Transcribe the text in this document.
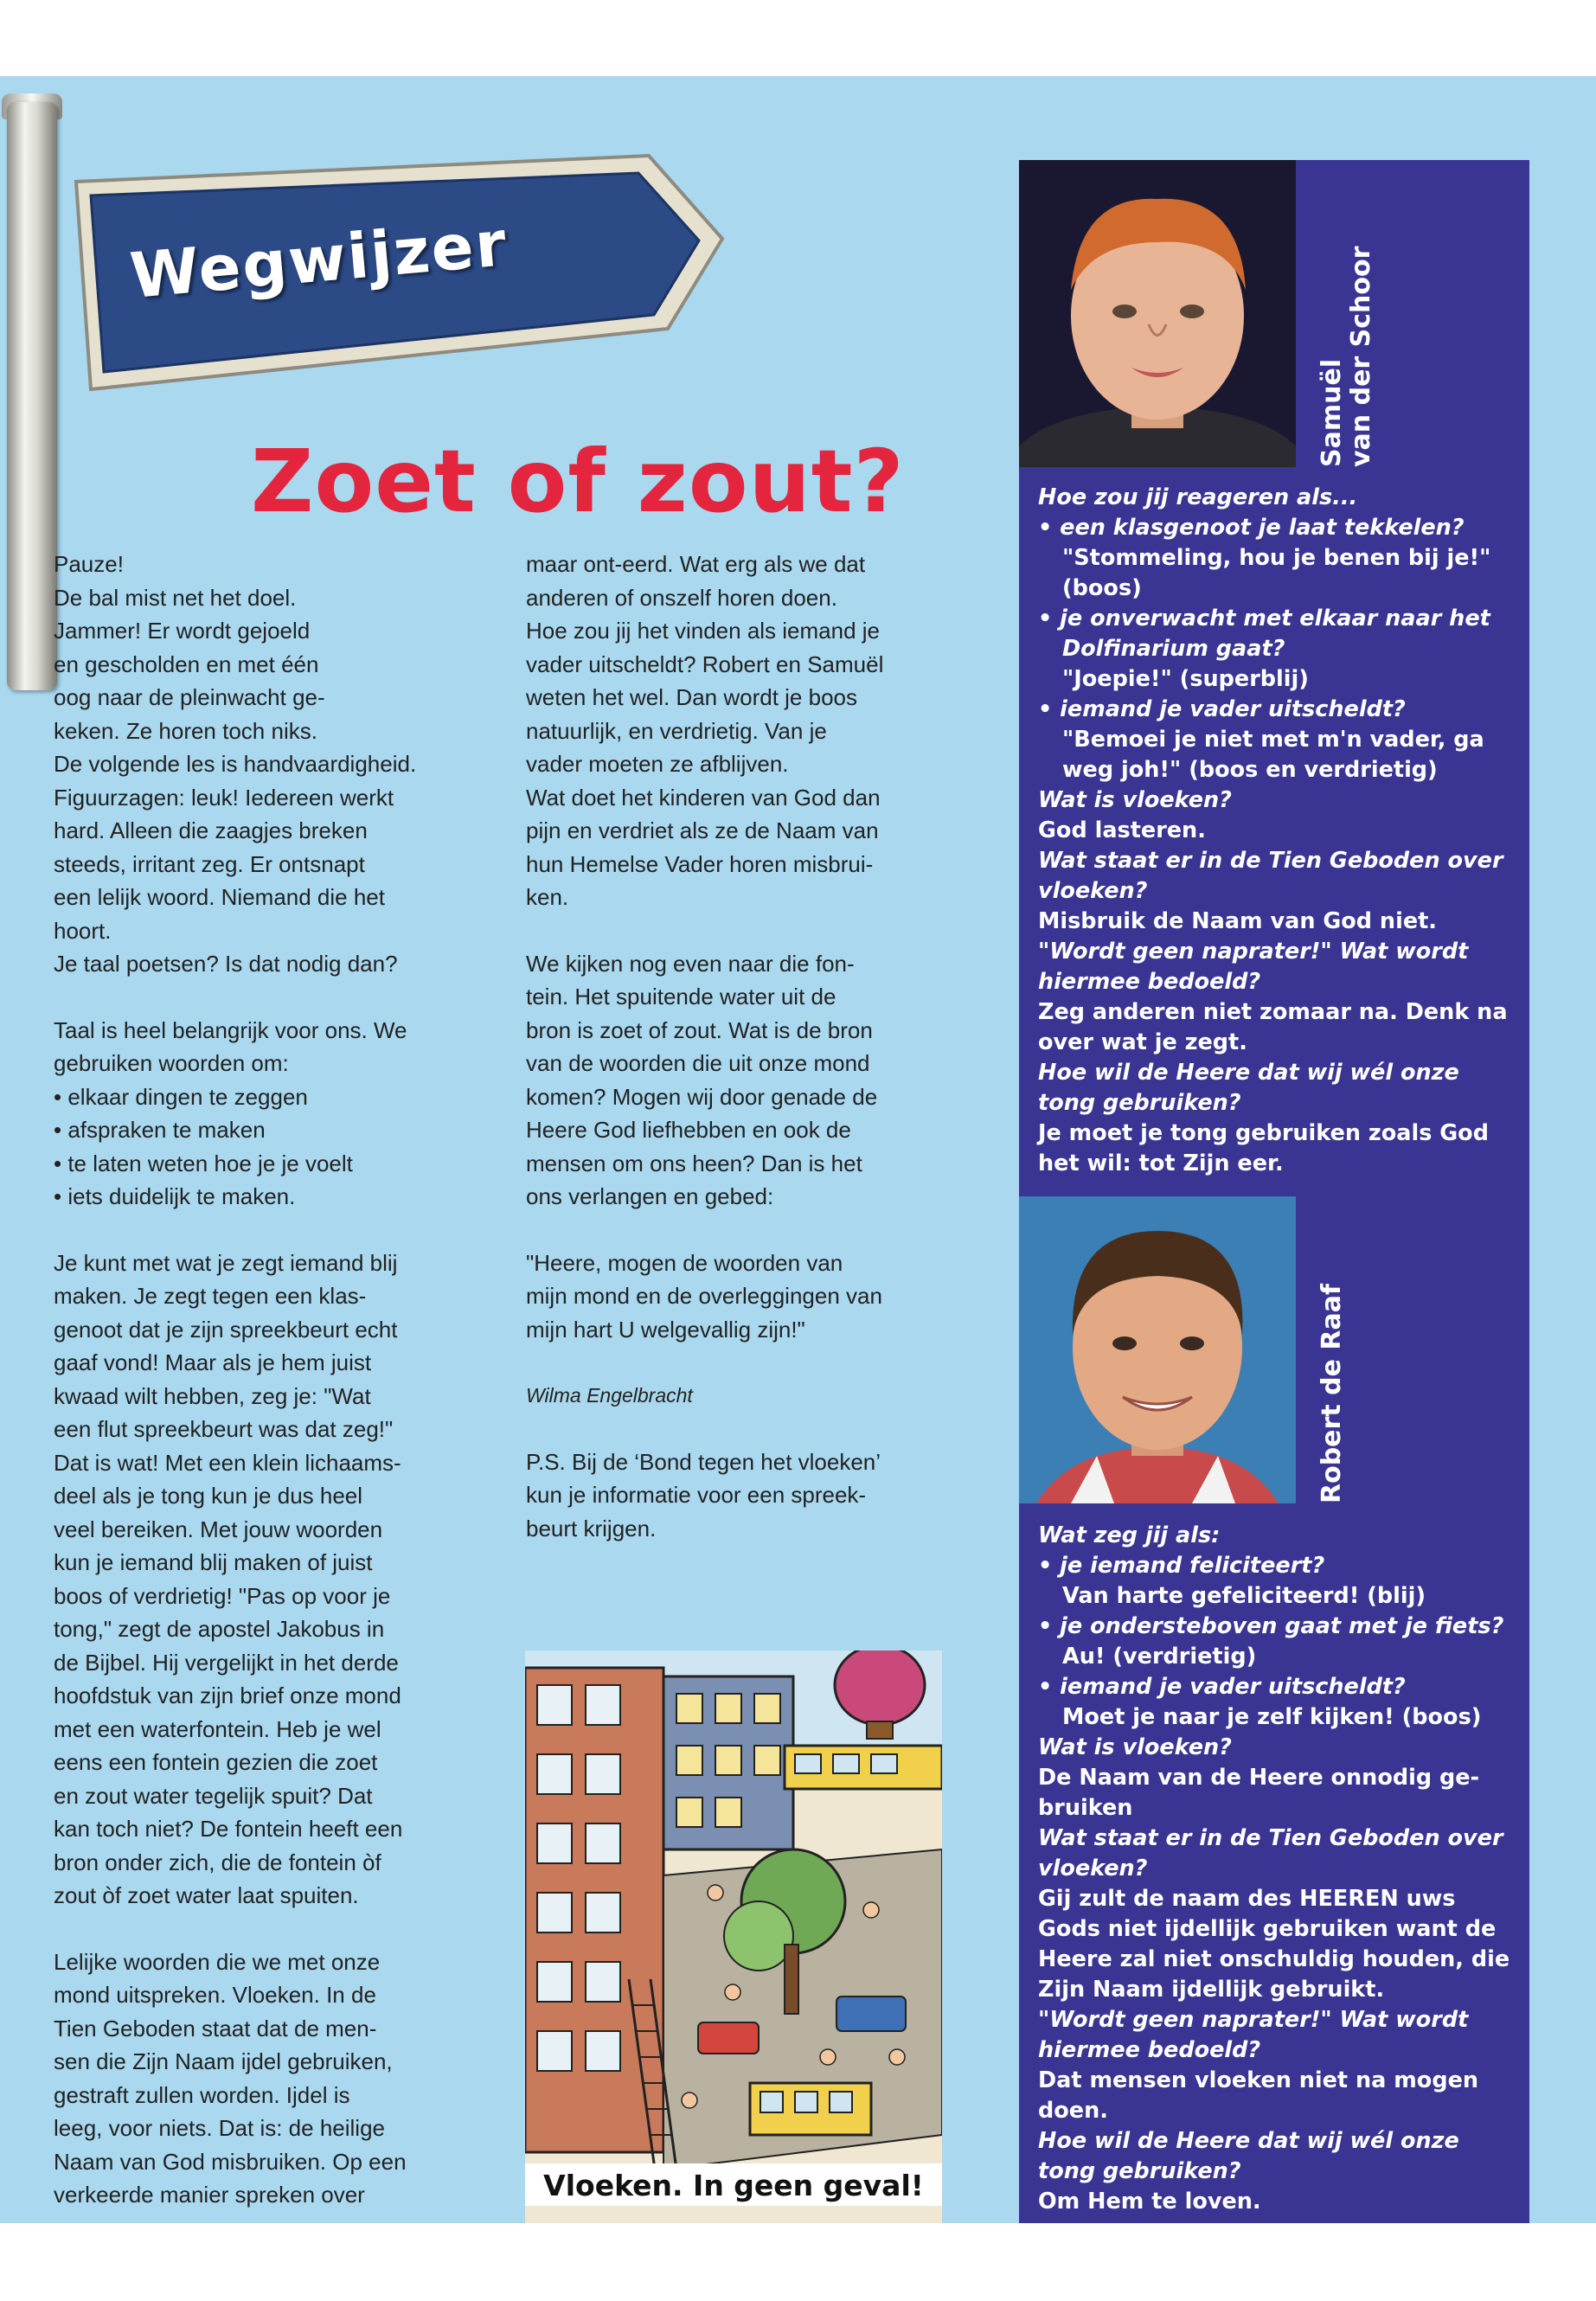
Wegwijzer
Zoet of zout?

Pauze!

De bal mist net het doel.

Jammer! Er wordt gejoeld

en gescholden en met één

oog naar de pleinwacht ge-

keken. Ze horen toch niks.

De volgende les is handvaardigheid.

Figuurzagen: leuk! Iedereen werkt

hard. Alleen die zaagjes breken

steeds, irritant zeg. Er ontsnapt

een lelijk woord. Niemand die het

hoort.

Je taal poetsen? Is dat nodig dan?

Taal is heel belangrijk voor ons. We

gebruiken woorden om:

• elkaar dingen te zeggen

• afspraken te maken

• te laten weten hoe je je voelt

• iets duidelijk te maken.

Je kunt met wat je zegt iemand blij

maken. Je zegt tegen een klas-

genoot dat je zijn spreekbeurt echt

gaaf vond! Maar als je hem juist

kwaad wilt hebben, zeg je: "Wat

een flut spreekbeurt was dat zeg!"

Dat is wat! Met een klein lichaams-

deel als je tong kun je dus heel

veel bereiken. Met jouw woorden

kun je iemand blij maken of juist

boos of verdrietig! "Pas op voor je

tong," zegt de apostel Jakobus in

de Bijbel. Hij vergelijkt in het derde

hoofdstuk van zijn brief onze mond

met een waterfontein. Heb je wel

eens een fontein gezien die zoet

en zout water tegelijk spuit? Dat

kan toch niet? De fontein heeft een

bron onder zich, die de fontein òf

zout òf zoet water laat spuiten.

Lelijke woorden die we met onze

mond uitspreken. Vloeken. In de

Tien Geboden staat dat de men-

sen die Zijn Naam ijdel gebruiken,

gestraft zullen worden. Ijdel is

leeg, voor niets. Dat is: de heilige

Naam van God misbruiken. Op een

verkeerde manier spreken over

maar ont-eerd. Wat erg als we dat

anderen of onszelf horen doen.

Hoe zou jij het vinden als iemand je

vader uitscheldt? Robert en Samuël

weten het wel. Dan wordt je boos

natuurlijk, en verdrietig. Van je

vader moeten ze afblijven.

Wat doet het kinderen van God dan

pijn en verdriet als ze de Naam van

hun Hemelse Vader horen misbrui-

ken.

We kijken nog even naar die fon-

tein. Het spuitende water uit de

bron is zoet of zout. Wat is de bron

van de woorden die uit onze mond

komen? Mogen wij door genade de

Heere God liefhebben en ook de

mensen om ons heen? Dan is het

ons verlangen en gebed:

"Heere, mogen de woorden van

mijn mond en de overleggingen van

mijn hart U welgevallig zijn!"

Wilma Engelbracht

P.S. Bij de ‘Bond tegen het vloeken’

kun je informatie voor een spreek-

beurt krijgen.

Vloeken. In geen geval!
Samuël van der Schoor

Hoe zou jij reageren als...

• een klasgenoot je laat tekkelen?

"Stommeling, hou je benen bij je!"

(boos)

• je onverwacht met elkaar naar het

Dolfinarium gaat?

"Joepie!" (superblij)

• iemand je vader uitscheldt?

"Bemoei je niet met m'n vader, ga

weg joh!" (boos en verdrietig)

Wat is vloeken?

God lasteren.

Wat staat er in de Tien Geboden over

vloeken?

Misbruik de Naam van God niet.

"Wordt geen naprater!" Wat wordt

hiermee bedoeld?

Zeg anderen niet zomaar na. Denk na

over wat je zegt.

Hoe wil de Heere dat wij wél onze

tong gebruiken?

Je moet je tong gebruiken zoals God

het wil: tot Zijn eer.

Robert de Raaf

Wat zeg jij als:

• je iemand feliciteert?

Van harte gefeliciteerd! (blij)

• je ondersteboven gaat met je fiets?

Au! (verdrietig)

• iemand je vader uitscheldt?

Moet je naar je zelf kijken! (boos)

Wat is vloeken?

De Naam van de Heere onnodig ge-

bruiken

Wat staat er in de Tien Geboden over

vloeken?

Gij zult de naam des HEEREN uws

Gods niet ijdellijk gebruiken want de

Heere zal niet onschuldig houden, die

Zijn Naam ijdellijk gebruikt.

"Wordt geen naprater!" Wat wordt

hiermee bedoeld?

Dat mensen vloeken niet na mogen

doen.

Hoe wil de Heere dat wij wél onze

tong gebruiken?

Om Hem te loven.
